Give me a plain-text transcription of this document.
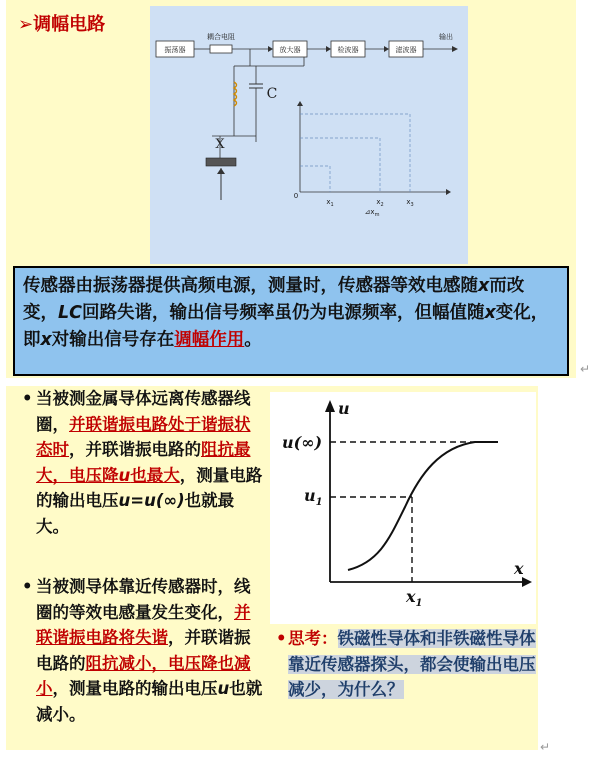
➢调幅电路
振荡器
耦合电阻
放大器	检波器	滤波器
输出
C
X
0
$x_1$	$x_2$	$x_3$
$⊿x_m$
传感器由振荡器提供高频电源，测量时，传感器等效电感随x而改变，LC回路失谐，输出信号频率虽仍为电源频率，但幅值随x变化，即x对输出信号存在调幅作用。
↵
• 当被测金属导体远离传感器线圈，并联谐振电路处于谐振状态时，并联谐振电路的阻抗最大，电压降u也最大，测量电路的输出电压u=u(∞)也就最大。
• 当被测导体靠近传感器时，线圈的等效电感量发生变化，并联谐振电路将失谐，并联谐振电路的阻抗减小，电压降也减小，测量电路的输出电压u也就减小。
u
x
u(∞)
$u_1$
$x_1$
• 思考：铁磁性导体和非铁磁性导体靠近传感器探头，都会使输出电压减少，为什么？
↵
